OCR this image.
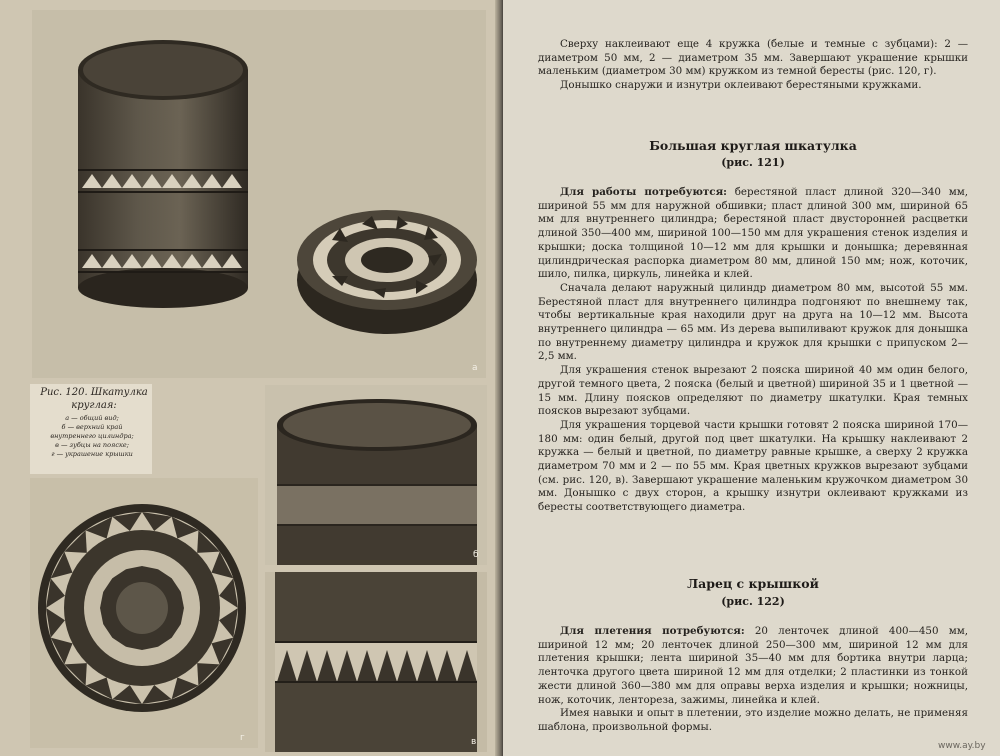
а
Рис. 120. Шкатулка круглая:
а — общий вид;
б — верхний край
внутреннего цилиндра;
в — зубцы на пояске;
г — украшение крышки
б
г	в

Сверху наклеивают еще 4 кружка (белые и темные с зубцами): 2 — диаметром 50 мм, 2 — диаметром 35 мм. Завершают украшение крышки маленьким (диаметром 30 мм) кружком из темной бересты (рис. 120, г).

Донышко снаружи и изнутри оклеивают берестяными кружками.

Большая круглая шкатулка
(рис. 121)

Для работы потребуются: берестяной пласт длиной 320—340 мм, шириной 55 мм для наружной обшивки; пласт длиной 300 мм, шириной 65 мм для внутреннего цилиндра; берестяной пласт двусторонней расцветки длиной 350—400 мм, шириной 100—150 мм для украшения стенок изделия и крышки; доска толщиной 10—12 мм для крышки и донышка; деревянная цилиндрическая распорка диаметром 80 мм, длиной 150 мм; нож, коточик, шило, пилка, циркуль, линейка и клей.

Сначала делают наружный цилиндр диаметром 80 мм, высотой 55 мм. Берестяной пласт для внутреннего цилиндра подгоняют по внешнему так, чтобы вертикальные края находили друг на друга на 10—12 мм. Высота внутреннего цилиндра — 65 мм. Из дерева выпиливают кружок для донышка по внутреннему диаметру цилиндра и кружок для крышки с припуском 2—2,5 мм.

Для украшения стенок вырезают 2 пояска шириной 40 мм один белого, другой темного цвета, 2 пояска (белый и цветной) шириной 35 и 1 цветной — 15 мм. Длину поясков определяют по диаметру шкатулки. Края темных поясков вырезают зубцами.

Для украшения торцевой части крышки готовят 2 пояска шириной 170—180 мм: один белый, другой под цвет шкатулки. На крышку наклеивают 2 кружка — белый и цветной, по диаметру равные крышке, а сверху 2 кружка диаметром 70 мм и 2 — по 55 мм. Края цветных кружков вырезают зубцами (см. рис. 120, в). Завершают украшение маленьким кружочком диаметром 30 мм. Донышко с двух сторон, а крышку изнутри оклеивают кружками из бересты соответствующего диаметра.

Ларец с крышкой
(рис. 122)

Для плетения потребуются: 20 ленточек длиной 400—450 мм, шириной 12 мм; 20 ленточек длиной 250—300 мм, шириной 12 мм для плетения крышки; лента шириной 35—40 мм для бортика внутри ларца; ленточка другого цвета шириной 12 мм для отделки; 2 пластинки из тонкой жести длиной 360—380 мм для оправы верха изделия и крышки; ножницы, нож, коточик, лентореза, зажимы, линейка и клей.

Имея навыки и опыт в плетении, это изделие можно делать, не применяя шаблона, произвольной формы.

www.ay.by
